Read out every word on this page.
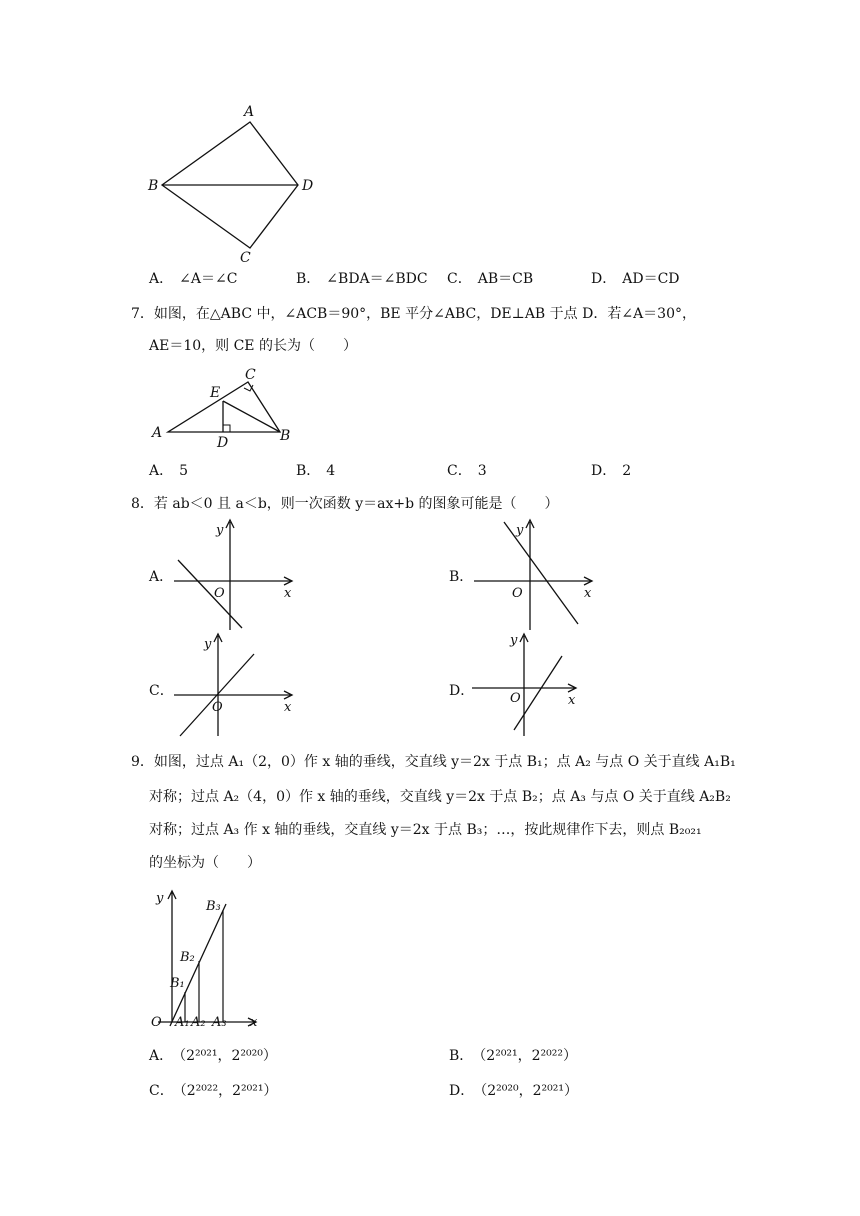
A
B
C
D
A． ∠A＝∠C	B． ∠BDA＝∠BDC C． AB＝CB	D． AD＝CD
7．如图，在△ABC 中，∠ACB＝90°，BE 平分∠ABC，DE⊥AB 于点 D．若∠A＝30°，
AE＝10，则 CE 的长为（　　）
A	B
C
D
E
A． 5	B． 4	C． 3	D． 2
8．若 ab＜0 且 a＜b，则一次函数 y＝ax+b 的图象可能是（　　）
A．
y
x
O
B．
y
x
O
C．
y
x
O
D．
y
x
O
9．如图，过点 A₁（2，0）作 x 轴的垂线，交直线 y＝2x 于点 B₁；点 A₂ 与点 O 关于直线 A₁B₁
对称；过点 A₂（4，0）作 x 轴的垂线，交直线 y＝2x 于点 B₂；点 A₃ 与点 O 关于直线 A₂B₂
对称；过点 A₃ 作 x 轴的垂线，交直线 y＝2x 于点 B₃；…，按此规律作下去，则点 B₂₀₂₁
的坐标为（　　）
y
x
O
B₁
B₂
B₃
A₁ A₂ A₃
A． （2²⁰²¹，2²⁰²⁰）	B． （2²⁰²¹，2²⁰²²）
C． （2²⁰²²，2²⁰²¹）	D． （2²⁰²⁰，2²⁰²¹）
